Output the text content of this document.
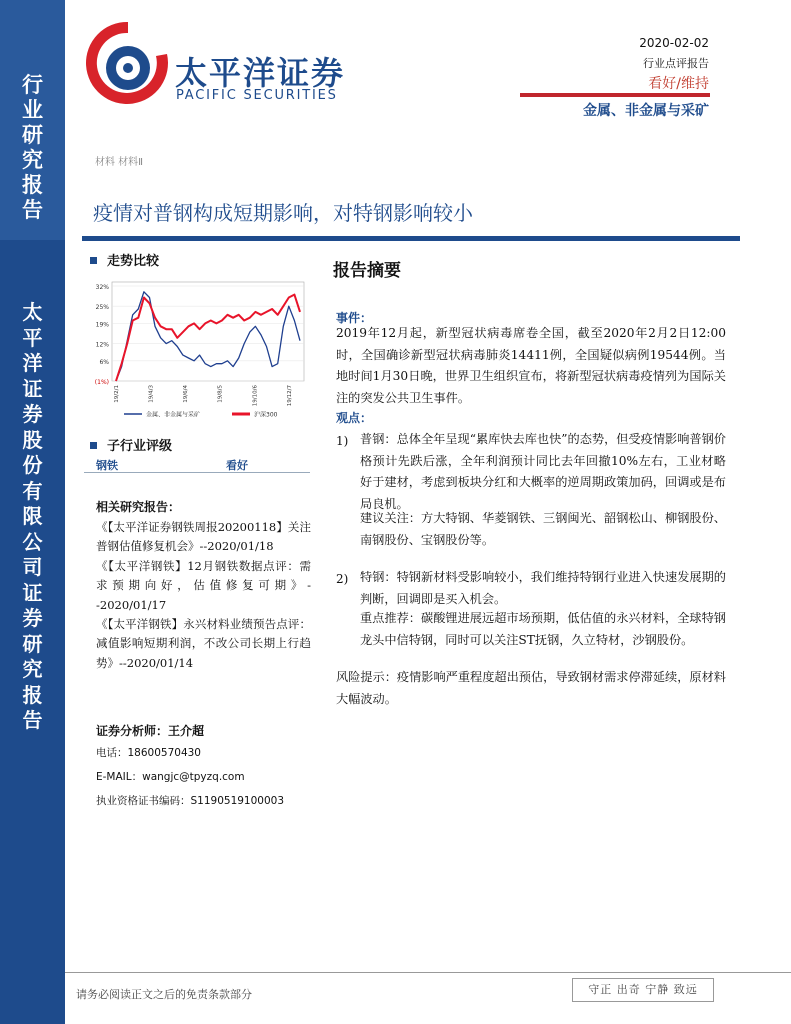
行
业
研
究
报
告
太
平
洋
证
券
股
份
有
限
公
司
证
券
研
究
报
告
太平洋证券
PACIFIC SECURITIES
2020-02-02
行业点评报告
看好/维持
金属、非金属与采矿
材料 材料Ⅱ
疫情对普钢构成短期影响，对特钢影响较小
走势比较
32%
25%
19%
12%
6%
(1%)
19/2/1	19/4/3	19/6/4	19/8/5	19/10/6	19/12/7
金属、非金属与采矿	沪深300
子行业评级
钢铁	看好
相关研究报告：
《【太平洋证券钢铁周报20200118】关注普钢估值修复机会》--2020/01/18
《【太平洋钢铁】12月钢铁数据点评：需求预期向好，估值修复可期》--2020/01/17
《【太平洋钢铁】永兴材料业绩预告点评：减值影响短期利润，不改公司长期上行趋势》--2020/01/14
证券分析师：王介超
电话：18600570430
E-MAIL：wangjc@tpyzq.com
执业资格证书编码：S1190519100003
报告摘要
事件：
2019年12月起，新型冠状病毒席卷全国，截至2020年2月2日12:00时，全国确诊新型冠状病毒肺炎14411例，全国疑似病例19544例。当地时间1月30日晚，世界卫生组织宣布，将新型冠状病毒疫情列为国际关注的突发公共卫生事件。
观点：
1) 普钢：总体全年呈现“累库快去库也快”的态势，但受疫情影响普钢价格预计先跌后涨，全年利润预计同比去年回撤10%左右，工业材略好于建材，考虑到板块分红和大概率的逆周期政策加码，回调或是布局良机。
建议关注：方大特钢、华菱钢铁、三钢闽光、韶钢松山、柳钢股份、南钢股份、宝钢股份等。
2) 特钢：特钢新材料受影响较小，我们维持特钢行业进入快速发展期的判断，回调即是买入机会。
重点推荐：碳酸锂进展远超市场预期，低估值的永兴材料，全球特钢龙头中信特钢，同时可以关注ST抚钢，久立特材，沙钢股份。
风险提示：疫情影响严重程度超出预估，导致钢材需求停滞延续，原材料大幅波动。
请务必阅读正文之后的免责条款部分	守正 出奇 宁静 致远
